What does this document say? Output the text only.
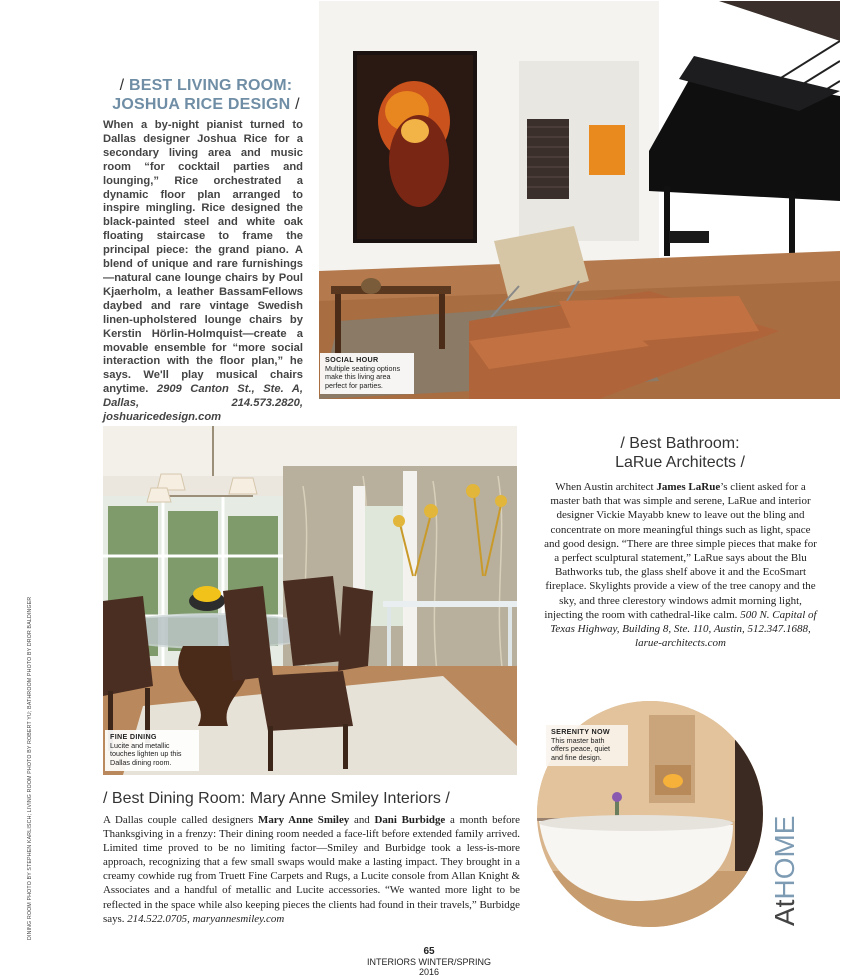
/ BEST LIVING ROOM:
JOSHUA RICE DESIGN /
When a by-night pianist turned to Dallas designer Joshua Rice for a secondary living area and music room “for cocktail parties and lounging,” Rice orchestrated a dynamic floor plan arranged to inspire mingling. Rice designed the black-painted steel and white oak floating staircase to frame the principal piece: the grand piano. A blend of unique and rare furnishings—natural cane lounge chairs by Poul Kjaerholm, a leather BassamFellows daybed and rare vintage Swedish linen-upholstered lounge chairs by Kerstin Hörlin-Holmquist—create a movable ensemble for “more social interaction with the floor plan,” he says. We'll play musical chairs anytime. 2909 Canton St., Ste. A, Dallas, 214.573.2820, joshuaricedesign.com
SOCIAL HOUR
Multiple seating options make this living area perfect for parties.
FINE DINING
Lucite and metallic touches lighten up this Dallas dining room.
/ Best Bathroom:
LaRue Architects /
When Austin architect James LaRue’s client asked for a master bath that was simple and serene, LaRue and interior designer Vickie Mayabb knew to leave out the bling and concentrate on more meaningful things such as light, space and good design. “There are three simple pieces that make for a perfect sculptural statement,” LaRue says about the Blu Bathworks tub, the glass shelf above it and the EcoSmart fireplace. Skylights provide a view of the tree canopy and the sky, and three clerestory windows admit morning light, injecting the room with cathedral-like calm. 500 N. Capital of Texas Highway, Building 8, Ste. 110, Austin, 512.347.1688, larue-architects.com
SERENITY NOW
This master bath offers peace, quiet and fine design.
/ Best Dining Room: Mary Anne Smiley Interiors /
A Dallas couple called designers Mary Anne Smiley and Dani Burbidge a month before Thanksgiving in a frenzy: Their dining room needed a face-lift before extended family arrived. Limited time proved to be no limiting factor—Smiley and Burbidge took a less-is-more approach, recognizing that a few small swaps would make a lasting impact. They brought in a creamy cowhide rug from Truett Fine Carpets and Rugs, a Lucite console from Allan Knight & Associates and a handful of metallic and Lucite accessories. “We wanted more light to be reflected in the space while also keeping pieces the clients had found in their travels,” Burbidge says. 214.522.0705, maryannesmiley.com
DINING ROOM PHOTO BY STEPHEN KARLISCH; LIVING ROOM PHOTO BY ROBERT YU; BATHROOM PHOTO BY DROR BALDINGER	AtHOME
65
INTERIORS WINTER/SPRING 2016
